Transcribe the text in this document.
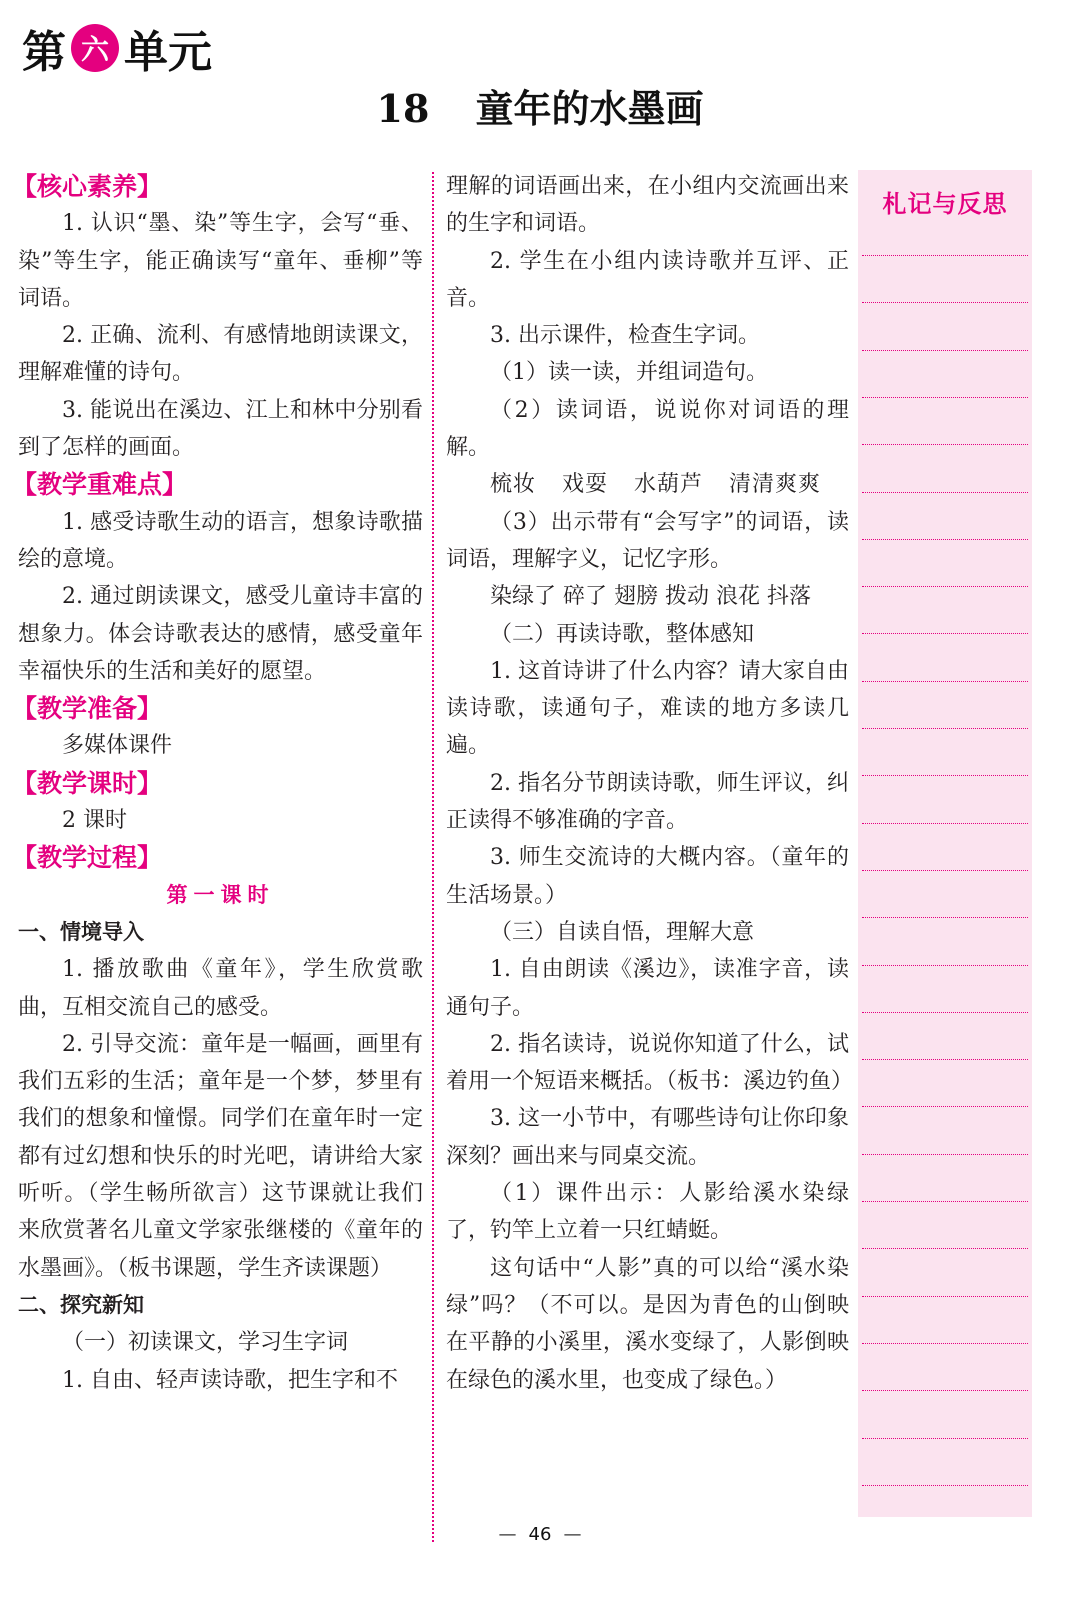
第 六 单元
18 童年的水墨画
【核心素养】

1. 认识“墨、染”等生字，会写“垂、染”等生字，能正确读写“童年、垂柳”等词语。

2. 正确、流利、有感情地朗读课文，理解难懂的诗句。

3. 能说出在溪边、江上和林中分别看到了怎样的画面。

【教学重难点】

1. 感受诗歌生动的语言，想象诗歌描绘的意境。

2. 通过朗读课文，感受儿童诗丰富的想象力。体会诗歌表达的感情，感受童年幸福快乐的生活和美好的愿望。

【教学准备】

多媒体课件

【教学课时】

2 课时

【教学过程】
第一课时

一、情境导入

1. 播放歌曲《童年》，学生欣赏歌曲，互相交流自己的感受。

2. 引导交流：童年是一幅画，画里有我们五彩的生活；童年是一个梦，梦里有我们的想象和憧憬。同学们在童年时一定都有过幻想和快乐的时光吧，请讲给大家听听。（学生畅所欲言）这节课就让我们来欣赏著名儿童文学家张继楼的《童年的水墨画》。（板书课题，学生齐读课题）

二、探究新知

（一）初读课文，学习生字词

1. 自由、轻声读诗歌，把生字和不

理解的词语画出来，在小组内交流画出来的生字和词语。

2. 学生在小组内读诗歌并互评、正音。

3. 出示课件，检查生字词。

（1）读一读，并组词造句。

（2）读词语，说说你对词语的理解。

梳妆 戏耍 水葫芦 清清爽爽

（3）出示带有“会写字”的词语，读词语，理解字义，记忆字形。

染绿了 碎了 翅膀 拨动 浪花 抖落

（二）再读诗歌，整体感知

1. 这首诗讲了什么内容？请大家自由读诗歌，读通句子，难读的地方多读几遍。

2. 指名分节朗读诗歌，师生评议，纠正读得不够准确的字音。

3. 师生交流诗的大概内容。（童年的生活场景。）

（三）自读自悟，理解大意

1. 自由朗读《溪边》，读准字音，读通句子。

2. 指名读诗，说说你知道了什么，试着用一个短语来概括。（板书：溪边钓鱼）

3. 这一小节中，有哪些诗句让你印象深刻？画出来与同桌交流。

（1）课件出示：人影给溪水染绿了，钓竿上立着一只红蜻蜓。

这句话中“人影”真的可以给“溪水染绿”吗？（不可以。是因为青色的山倒映在平静的小溪里，溪水变绿了，人影倒映在绿色的溪水里，也变成了绿色。）

札记与反思
— 46 —
